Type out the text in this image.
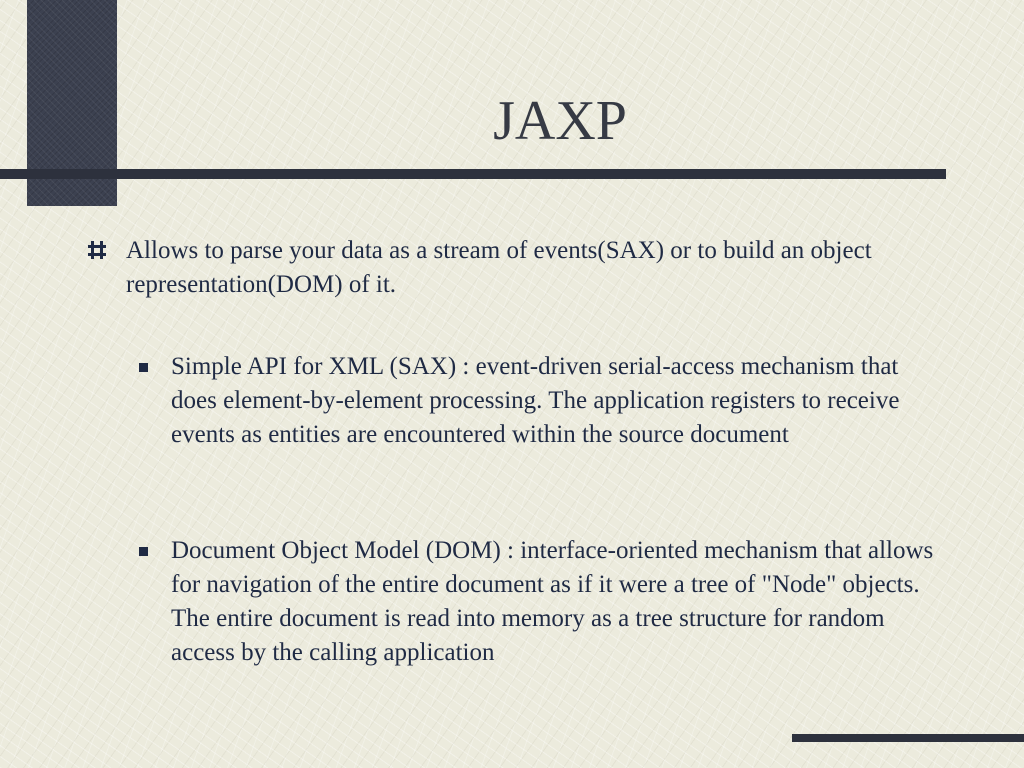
JAXP
Allows to parse your data as a stream of events(SAX) or to build an object representation(DOM) of it.
Simple API for XML (SAX) : event-driven serial-access mechanism that does element-by-element processing. The application registers to receive events as entities are encountered within the source document
Document Object Model (DOM) : interface-oriented mechanism that allows for navigation of the entire document as if it were a tree of "Node" objects. The entire document is read into memory as a tree structure for random access by the calling application
